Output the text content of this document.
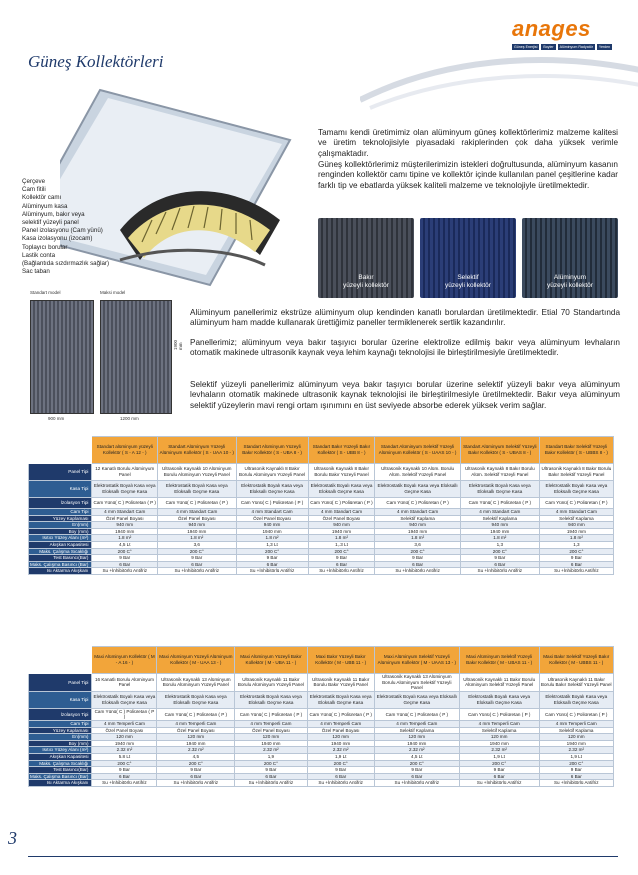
anages
Güneş Enerjisi	Boyler	Alüminyum Radyatör	Yerden
Güneş Kollektörleri
Çerçeve
Cam fitili
Kollektör camı
Alüminyum kasa
Alüminyum, bakır veya
selektif yüzeyli panel
Panel izolasyonu (Cam yünü)
Kasa izolasyonu (izocam)
Toplayıcı borular
Lastik conta
(Bağlantıda sızdırmazlık sağlar)
Sac taban
Tamamı kendi üretimimiz olan alüminyum güneş kollektörlerimiz malzeme kalitesi ve üretim teknolojisiyle piyasadaki rakiplerinden çok daha yüksek verimle çalışmaktadır.
Güneş kollektörlerimiz müşterilerimizin istekleri doğrultusunda, alüminyum kasanın renginden kollektör camı tipine ve kollektör içinde kullanılan panel çeşitlerine kadar farklı tip ve ebatlarda yüksek kaliteli malzeme ve teknolojiyle üretilmektedir.
Bakır
yüzeyli kollektör
Selektif
yüzeyli kollektör
Alüminyum
yüzeyli kollektör
Standart model	Maksi model
1900 mm
900 mm	1200 mm
Alüminyum panellerimiz ekstrüze alüminyum olup kendinden kanatlı borulardan üretilmektedir. Etial 70 Standartında alüminyum ham madde kullanarak ürettiğimiz paneller termiklenerek sertlik kazandırılır.
Panellerimiz; alüminyum veya bakır taşıyıcı borular üzerine elektrolize edilmiş bakır veya alüminyum levhaların otomatik makinede ultrasonik kaynak veya lehim kaynağı teknolojisi ile birleştirilmesiyle üretilmektedir.
Selektif yüzeyli panellerimiz alüminyum veya bakır taşıyıcı borular üzerine selektif yüzeyli bakır veya alüminyum levhaların otomatik makinede ultrasonik kaynak teknolojisi ile birleştirilmesiyle üretilmektedir. Bakır veya alüminyum selektif yüzeylerin mavi rengi ortam ışınımını en üst seviyede absorbe ederek yüksek verim sağlar.
	Standart alüminyum yüzeyli Kollektör ( S - A 12 - )	Standart Alüminyum Yüzeyli Alüminyum Kollektör ( S - UAA 10 - )	Standart Alüminyum Yüzeyli Bakır Kollektör ( S - UBA 8 - )	Standart Bakır Yüzeyli Bakır Kollektör ( S - UBB 8 - )	Standart Alüminyum Selektif Yüzeyli Alüminyum Kollektör ( S - UAAS 10 - )	Standart Alüminyum Selektif Yüzeyli Bakır Kollektör ( S - UBAS 8 - )	Standart Bakır Selektif Yüzeyli Bakır Kollektör ( S - UBBS 8 - )
Panel Tipi	12 Kanatlı Borulu Alüminyum Panel	Ultrasonik Kaynaklı 10 Alüminyum Borulu Alüminyum Yüzeyli Panel	Ultrasonik Kaynaklı 8 Bakır Borulu Alüminyum Yüzeyli Panel	Ultrasonik Kaynaklı 8 Bakır Borulu Bakır Yüzeyli Panel	Ultrasonik Kaynaklı 10 Alüm. Borulu Alüm. Selektif Yüzeyli Panel	Ultrasonik Kaynaklı 8 Bakır Borulu Alüm. Selektif Yüzeyli Panel	Ultrasonik Kaynaklı 8 Bakır Borulu Bakır Selektif Yüzeyli Panel
Kasa Tipi	Elektrostatik Boyalı Kasa veya Eloksallı Geçme Kasa	Elektrostatik Boyalı Kasa veya Eloksallı Geçme Kasa	Elektrostatik Boyalı Kasa veya Eloksallı Geçme Kasa	Elektrostatik Boyalı Kasa veya Eloksallı Geçme Kasa	Elektrostatik Boyalı Kasa veya Eloksallı Geçme Kasa	Elektrostatik Boyalı Kasa veya Eloksallı Geçme Kasa	Elektrostatik Boyalı Kasa veya Eloksallı Geçme Kasa
İzolasyon Tipi	Cam Yünü( C ) Poliüretan ( P )	Cam Yünü( C ) Poliüretan ( P )	Cam Yünü( C ) Poliüretan ( P )	Cam Yünü( C ) Poliüretan ( P )	Cam Yünü( C ) Poliüretan ( P )	Cam Yünü( C ) Poliüretan ( P )	Cam Yünü( C ) Poliüretan ( P )
Cam Tipi	4 mm Standart Cam	4 mm Standart Cam	4 mm Standart Cam	4 mm Standart Cam	4 mm Standart Cam	4 mm Standart Cam	4 mm Standart Cam
Yüzey Kaplaması	Özel Panel Boyası	Özel Panel Boyası	Özel Panel Boyası	Özel Panel Boyası	Selektif Kaplama	Selektif Kaplama	Selektif Kaplama
En(mm)	940 mm	940 mm	940 mm	940 mm	940 mm	940 mm	940 mm
Boy (mm)	1940 mm	1940 mm	1940 mm	1940 mm	1940 mm	1940 mm	1940 mm
Isıtıcı Yüzey Alanı (m²)	1.8 m²	1.8 m²	1.8 m²	1.8 m²	1.8 m²	1.8 m²	1.8 m²
Akışkan Kapasitesi	4,5 Lt	3,6	1,3 Lt	1,.3 Lt	3,6	1,3	1,3
Maks. Çalışma Sıcaklığı	200 C°	200 C°	200 C°	200 C°	200 C°	200 C°	200 C°
Test Basıncı(Bar)	9 Bar	9 Bar	9 Bar	9 Bar	9 Bar	9 Bar	9 Bar
Maks. Çalışma Basıncı (Bar)	6 Bar	6 Bar	6 Bar	6 Bar	6 Bar	6 Bar	6 Bar
Isı Aktarma Akışkanı	Su +İnhibitörlü Antifriz	Su +İnhibitörlü Antifriz	Su +İnhibitörlü Antifriz	Su +İnhibitörlü Antifriz	Su +İnhibitörlü Antifriz	Su +İnhibitörlü Antifriz	Su +İnhibitörlü Antifriz
	Maxi Alüminyum Kollektör ( M - A 16 - )	Maxi Alüminyum Yüzeyli Alüminyum Kollektör ( M - UAA 13 - )	Maxi Alüminyum Yüzeyli Bakır Kollektör ( M - UBA 11 - )	Maxi Bakır Yüzeyli Bakır Kollektör ( M - UBB 11 - )	Maxi Alüminyum Selektif Yüzeyli Alüminyum Kollektör ( M - UAAS 13 - )	Maxi Alüminyum Selektif Yüzeyli Bakır Kollektör ( M - UBAS 11 - )	Maxi Bakır Selektif Yüzeyli Bakır Kollektör ( M - UBBS 11 - )
Panel Tipi	16 Kanatlı Borulu Alüminyum Panel	Ultrasonik Kaynaklı 13 Alüminyum Borulu Alüminyum Yüzeyli Panel	Ultrasonik Kaynaklı 11 Bakır Borulu Alüminyum Yüzeyli Panel	Ultrasonik Kaynaklı 11 Bakır Borulu Bakır Yüzeyli Panel	Ultrasonik Kaynaklı 13 Alüminyum Borulu Alüminyum Selektif Yüzeyli Panel	Ultrasonik Kaynaklı 11 Bakır Borulu Alüminyum Selektif Yüzeyli Panel	Ultrasonik Kaynaklı 11 Bakır Borulu Bakır Selektif Yüzeyli Panel
Kasa Tipi	Elektrostatik Boyalı Kasa veya Eloksallı Geçme Kasa	Elektrostatik Boyalı Kasa veya Eloksallı Geçme Kasa	Elektrostatik Boyalı Kasa veya Eloksallı Geçme Kasa	Elektrostatik Boyalı Kasa veya Eloksallı Geçme Kasa	Elektrostatik Boyalı Kasa veya Eloksallı Geçme Kasa	Elektrostatik Boyalı Kasa veya Eloksallı Geçme Kasa	Elektrostatik Boyalı Kasa veya Eloksallı Geçme Kasa
İzolasyon Tipi	Cam Yünü( C ) Poliüretan ( P )	Cam Yünü( C ) Poliüretan ( P )	Cam Yünü( C ) Poliüretan ( P )	Cam Yünü( C ) Poliüretan ( P )	Cam Yünü( C ) Poliüretan ( P )	Cam Yünü( C ) Poliüretan ( P )	Cam Yünü( C ) Poliüretan ( P )
Cam Tipi	4 mm Temperli Cam	4 mm Temperli Cam	4 mm Temperli Cam	4 mm Temperli Cam	4 mm Temperli Cam	4 mm Temperli Cam	4 mm Temperli Cam
Yüzey Kaplaması	Özel Panel Boyası	Özel Panel Boyası	Özel Panel Boyası	Özel Panel Boyası	Selektif Kaplama	Selektif Kaplama	Selektif Kaplama
En(mm)	120 mm	120 mm	120 mm	120 mm	120 mm	120 mm	120 mm
Boy (mm)	1940 mm	1940 mm	1940 mm	1940 mm	1940 mm	1940 mm	1940 mm
Isıtıcı Yüzey Alanı (m²)	2.32 m²	2.32 m²	2.32 m²	2.32 m²	2.32 m²	2.32 m²	2.32 m²
Akışkan Kapasitesi	5.8 Lt	4,5	1,9	1,9 Lt	4,5 Lt	1,9 Lt	1,9 Lt
Maks. Çalışma Sıcaklığı	200 C°	200 C°	200 C°	200 C°	200 C°	200 C°	200 C°
Test Basıncı(Bar)	9 Bar	9 Bar	9 Bar	9 Bar	9 Bar	9 Bar	9 Bar
Maks. Çalışma Basıncı (Bar)	6 Bar	6 Bar	6 Bar	6 Bar	6 Bar	6 Bar	6 Bar
Isı Aktarma Akışkanı	Su +İnhibitörlü Antifriz	Su +İnhibitörlü Antifriz	Su +İnhibitörlü Antifriz	Su +İnhibitörlü Antifriz	Su +İnhibitörlü Antifriz	Su +İnhibitörlü Antifriz	Su +İnhibitörlü Antifriz
3
